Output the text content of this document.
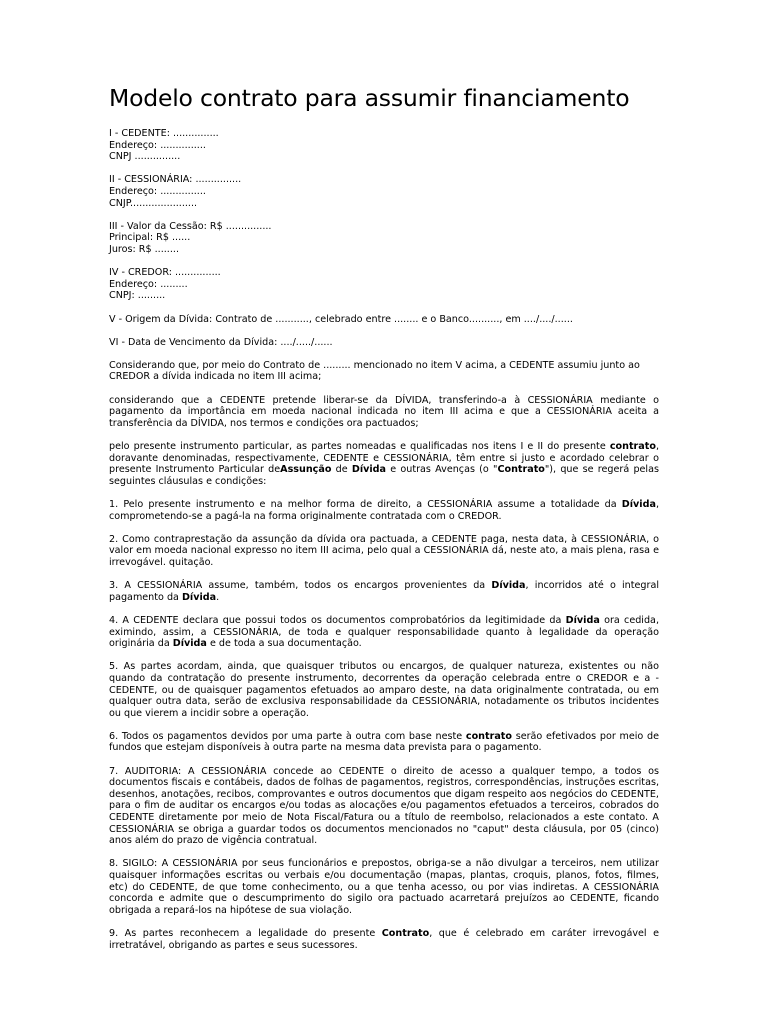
Modelo contrato para assumir financiamento
I - CEDENTE: ...............
Endereço: ...............
CNPJ ...............
II - CESSIONÁRIA: ...............
Endereço: ...............
CNJP......................
III - Valor da Cessão: R$ ...............
Principal: R$ ......
Juros: R$ ........
IV - CREDOR: ...............
Endereço: .........
CNPJ: .........
V - Origem da Dívida: Contrato de ..........., celebrado entre ........ e o Banco.........., em ..../..../......
VI - Data de Vencimento da Dívida: ..../...../......

Considerando que, por meio do Contrato de ......... mencionado no item V acima, a CEDENTE assumiu junto ao CREDOR a dívida indicada no item III acima;

considerando que a CEDENTE pretende liberar-se da DÍVIDA, transferindo-a à CESSIONÁRIA mediante o pagamento da importância em moeda nacional indicada no item III acima e que a CESSIONÁRIA aceita a transferência da DÍVIDA, nos termos e condições ora pactuados;

pelo presente instrumento particular, as partes nomeadas e qualificadas nos itens I e II do presente contrato, doravante denominadas, respectivamente, CEDENTE e CESSIONÁRIA, têm entre si justo e acordado celebrar o presente Instrumento Particular deAssunção de Dívida e outras Avenças (o "Contrato"), que se regerá pelas seguintes cláusulas e condições:

1. Pelo presente instrumento e na melhor forma de direito, a CESSIONÁRIA assume a totalidade da Dívida, comprometendo-se a pagá-la na forma originalmente contratada com o CREDOR.

2. Como contraprestação da assunção da dívida ora pactuada, a CEDENTE paga, nesta data, à CESSIONÁRIA, o valor em moeda nacional expresso no item III acima, pelo qual a CESSIONÁRIA dá, neste ato, a mais plena, rasa e irrevogável. quitação.

3. A CESSIONÁRIA assume, também, todos os encargos provenientes da Dívida, incorridos até o integral pagamento da Dívida.

4. A CEDENTE declara que possui todos os documentos comprobatórios da legitimidade da Dívida ora cedida, eximindo, assim, a CESSIONÁRIA, de toda e qualquer responsabilidade quanto à legalidade da operação originária da Dívida e de toda a sua documentação.

5. As partes acordam, ainda, que quaisquer tributos ou encargos, de qualquer natureza, existentes ou não quando da contratação do presente instrumento, decorrentes da operação celebrada entre o CREDOR e a - CEDENTE, ou de quaisquer pagamentos efetuados ao amparo deste, na data originalmente contratada, ou em qualquer outra data, serão de exclusiva responsabilidade da CESSIONÁRIA, notadamente os tributos incidentes ou que vierem a incidir sobre a operação.

6. Todos os pagamentos devidos por uma parte à outra com base neste contrato serão efetivados por meio de fundos que estejam disponíveis à outra parte na mesma data prevista para o pagamento.

7. AUDITORIA: A CESSIONÁRIA concede ao CEDENTE o direito de acesso a qualquer tempo, a todos os documentos fiscais e contábeis, dados de folhas de pagamentos, registros, correspondências, instruções escritas, desenhos, anotações, recibos, comprovantes e outros documentos que digam respeito aos negócios do CEDENTE, para o fim de auditar os encargos e/ou todas as alocações e/ou pagamentos efetuados a terceiros, cobrados do CEDENTE diretamente por meio de Nota Fiscal/Fatura ou a título de reembolso, relacionados a este contato. A CESSIONÁRIA se obriga a guardar todos os documentos mencionados no "caput" desta cláusula, por 05 (cinco) anos além do prazo de vigência contratual.

8. SIGILO: A CESSIONÁRIA por seus funcionários e prepostos, obriga-se a não divulgar a terceiros, nem utilizar quaisquer informações escritas ou verbais e/ou documentação (mapas, plantas, croquis, planos, fotos, filmes, etc) do CEDENTE, de que tome conhecimento, ou a que tenha acesso, ou por vias indiretas. A CESSIONÁRIA concorda e admite que o descumprimento do sigilo ora pactuado acarretará prejuízos ao CEDENTE, ficando obrigada a repará-los na hipótese de sua violação.

9. As partes reconhecem a legalidade do presente Contrato, que é celebrado em caráter irrevogável e irretratável, obrigando as partes e seus sucessores.
